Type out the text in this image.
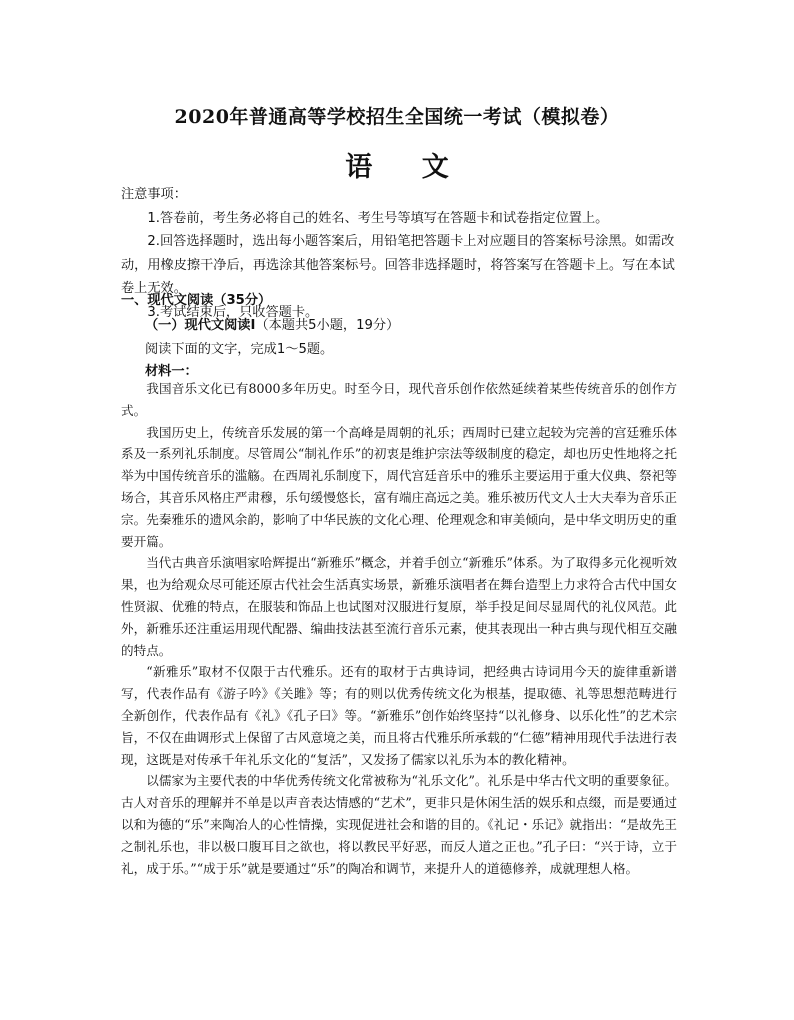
2020年普通高等学校招生全国统一考试（模拟卷）
语 文

注意事项：

1.答卷前，考生务必将自己的姓名、考生号等填写在答题卡和试卷指定位置上。

2.回答选择题时，选出每小题答案后，用铅笔把答题卡上对应题目的答案标号涂黑。如需改动，用橡皮擦干净后，再选涂其他答案标号。回答非选择题时，将答案写在答题卡上。写在本试卷上无效。

3.考试结束后，只收答题卡。

一、现代文阅读（35分）
（一）现代文阅读Ⅰ（本题共5小题，19分）
阅读下面的文字，完成1～5题。
材料一：

我国音乐文化已有8000多年历史。时至今日，现代音乐创作依然延续着某些传统音乐的创作方式。

我国历史上，传统音乐发展的第一个高峰是周朝的礼乐；西周时已建立起较为完善的宫廷雅乐体系及一系列礼乐制度。尽管周公“制礼作乐”的初衷是维护宗法等级制度的稳定，却也历史性地将之托举为中国传统音乐的滥觞。在西周礼乐制度下，周代宫廷音乐中的雅乐主要运用于重大仪典、祭祀等场合，其音乐风格庄严肃穆，乐句缓慢悠长，富有端庄高远之美。雅乐被历代文人士大夫奉为音乐正宗。先秦雅乐的遗风余韵，影响了中华民族的文化心理、伦理观念和审美倾向，是中华文明历史的重要开篇。

当代古典音乐演唱家哈辉提出“新雅乐”概念，并着手创立“新雅乐”体系。为了取得多元化视听效果，也为给观众尽可能还原古代社会生活真实场景，新雅乐演唱者在舞台造型上力求符合古代中国女性贤淑、优雅的特点，在服装和饰品上也试图对汉服进行复原，举手投足间尽显周代的礼仪风范。此外，新雅乐还注重运用现代配器、编曲技法甚至流行音乐元素，使其表现出一种古典与现代相互交融的特点。

“新雅乐”取材不仅限于古代雅乐。还有的取材于古典诗词，把经典古诗词用今天的旋律重新谱写，代表作品有《游子吟》《关雎》等；有的则以优秀传统文化为根基，提取德、礼等思想范畴进行全新创作，代表作品有《礼》《孔子曰》等。“新雅乐”创作始终坚持“以礼修身、以乐化性”的艺术宗旨，不仅在曲调形式上保留了古风意境之美，而且将古代雅乐所承载的“仁德”精神用现代手法进行表现，这既是对传承千年礼乐文化的“复活”，又发扬了儒家以礼乐为本的教化精神。

以儒家为主要代表的中华优秀传统文化常被称为“礼乐文化”。礼乐是中华古代文明的重要象征。古人对音乐的理解并不单是以声音表达情感的“艺术”，更非只是休闲生活的娱乐和点缀，而是要通过以和为德的“乐”来陶冶人的心性情操，实现促进社会和谐的目的。《礼记・乐记》就指出：“是故先王之制礼乐也，非以极口腹耳目之欲也，将以教民平好恶，而反人道之正也。”孔子曰：“兴于诗，立于礼，成于乐。”“成于乐”就是要通过“乐”的陶冶和调节，来提升人的道德修养，成就理想人格。
